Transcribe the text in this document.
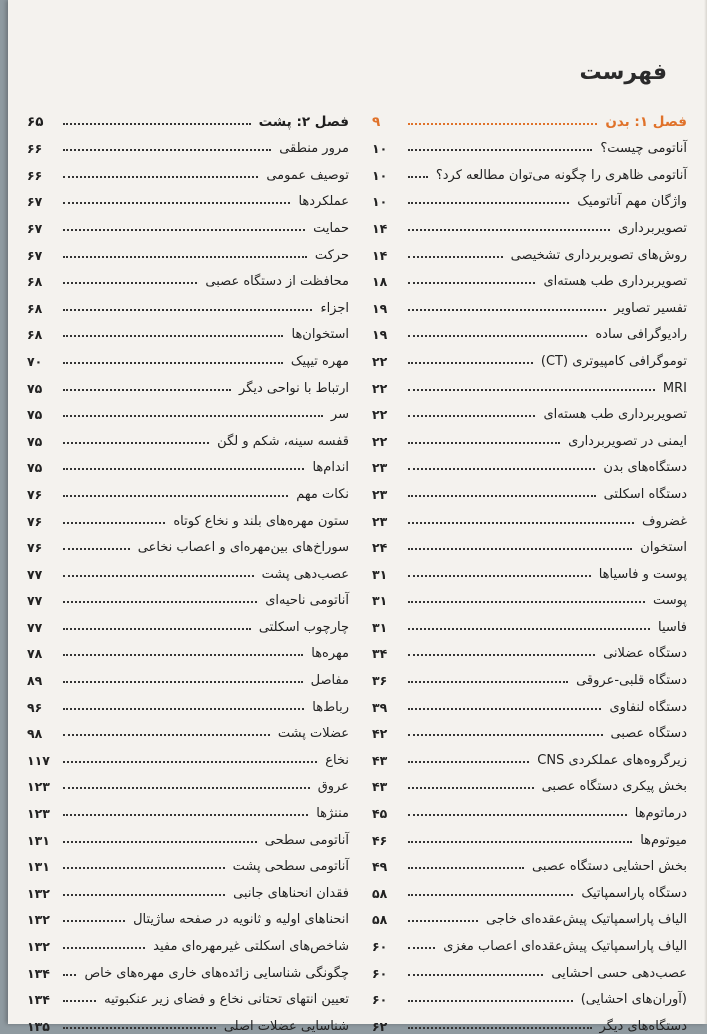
فهرست
فصل ۱: بدن
۹
آناتومی چیست؟
۱۰
آناتومی ظاهری را چگونه می‌توان مطالعه کرد؟
۱۰
واژگان مهم آناتومیک
۱۰
تصویربرداری
۱۴
روش‌های تصویربرداری تشخیصی
۱۴
تصویربرداری طب هسته‌ای
۱۸
تفسیر تصاویر
۱۹
رادیوگرافی ساده
۱۹
توموگرافی کامپیوتری (CT)
۲۲
MRI
۲۲
تصویربرداری طب هسته‌ای
۲۲
ایمنی در تصویربرداری
۲۲
دستگاه‌های بدن
۲۳
دستگاه اسکلتی
۲۳
غضروف
۲۳
استخوان
۲۴
پوست و فاسیاها
۳۱
پوست
۳۱
فاسیا
۳۱
دستگاه عضلانی
۳۴
دستگاه قلبی-عروقی
۳۶
دستگاه لنفاوی
۳۹
دستگاه عصبی
۴۲
زیرگروه‌های عملکردی CNS
۴۳
بخش پیکری دستگاه عصبی
۴۳
درماتوم‌ها
۴۵
میوتوم‌ها
۴۶
بخش احشایی دستگاه عصبی
۴۹
دستگاه پاراسمپاتیک
۵۸
الیاف پاراسمپاتیک پیش‌عقده‌ای خاجی
۵۸
الیاف پاراسمپاتیک پیش‌عقده‌ای اعصاب مغزی
۶۰
عصب‌دهی حسی احشایی
۶۰
(آوران‌های احشایی)
۶۰
دستگاه‌های دیگر
۶۲
فصل ۲: پشت
۶۵
مرور منطقی
۶۶
توصیف عمومی
۶۶
عملکردها
۶۷
حمایت
۶۷
حرکت
۶۷
محافظت از دستگاه عصبی
۶۸
اجزاء
۶۸
استخوان‌ها
۶۸
مهره تیپیک
۷۰
ارتباط با نواحی دیگر
۷۵
سر
۷۵
قفسه سینه، شکم و لگن
۷۵
اندام‌ها
۷۵
نکات مهم
۷۶
ستون مهره‌های بلند و نخاع کوتاه
۷۶
سوراخ‌های بین‌مهره‌ای و اعصاب نخاعی
۷۶
عصب‌دهی پشت
۷۷
آناتومی ناحیه‌ای
۷۷
چارچوب اسکلتی
۷۷
مهره‌ها
۷۸
مفاصل
۸۹
رباط‌ها
۹۶
عضلات پشت
۹۸
نخاع
۱۱۷
عروق
۱۲۳
مننژها
۱۲۳
آناتومی سطحی
۱۳۱
آناتومی سطحی پشت
۱۳۱
فقدان انحناهای جانبی
۱۳۲
انحناهای اولیه و ثانویه در صفحه ساژیتال
۱۳۲
شاخص‌های اسکلتی غیرمهره‌ای مفید
۱۳۲
چگونگی شناسایی زائده‌های خاری مهره‌های خاص
۱۳۴
تعیین انتهای تحتانی نخاع و فضای زیر عنکبوتیه
۱۳۴
شناسایی عضلات اصلی
۱۳۵
